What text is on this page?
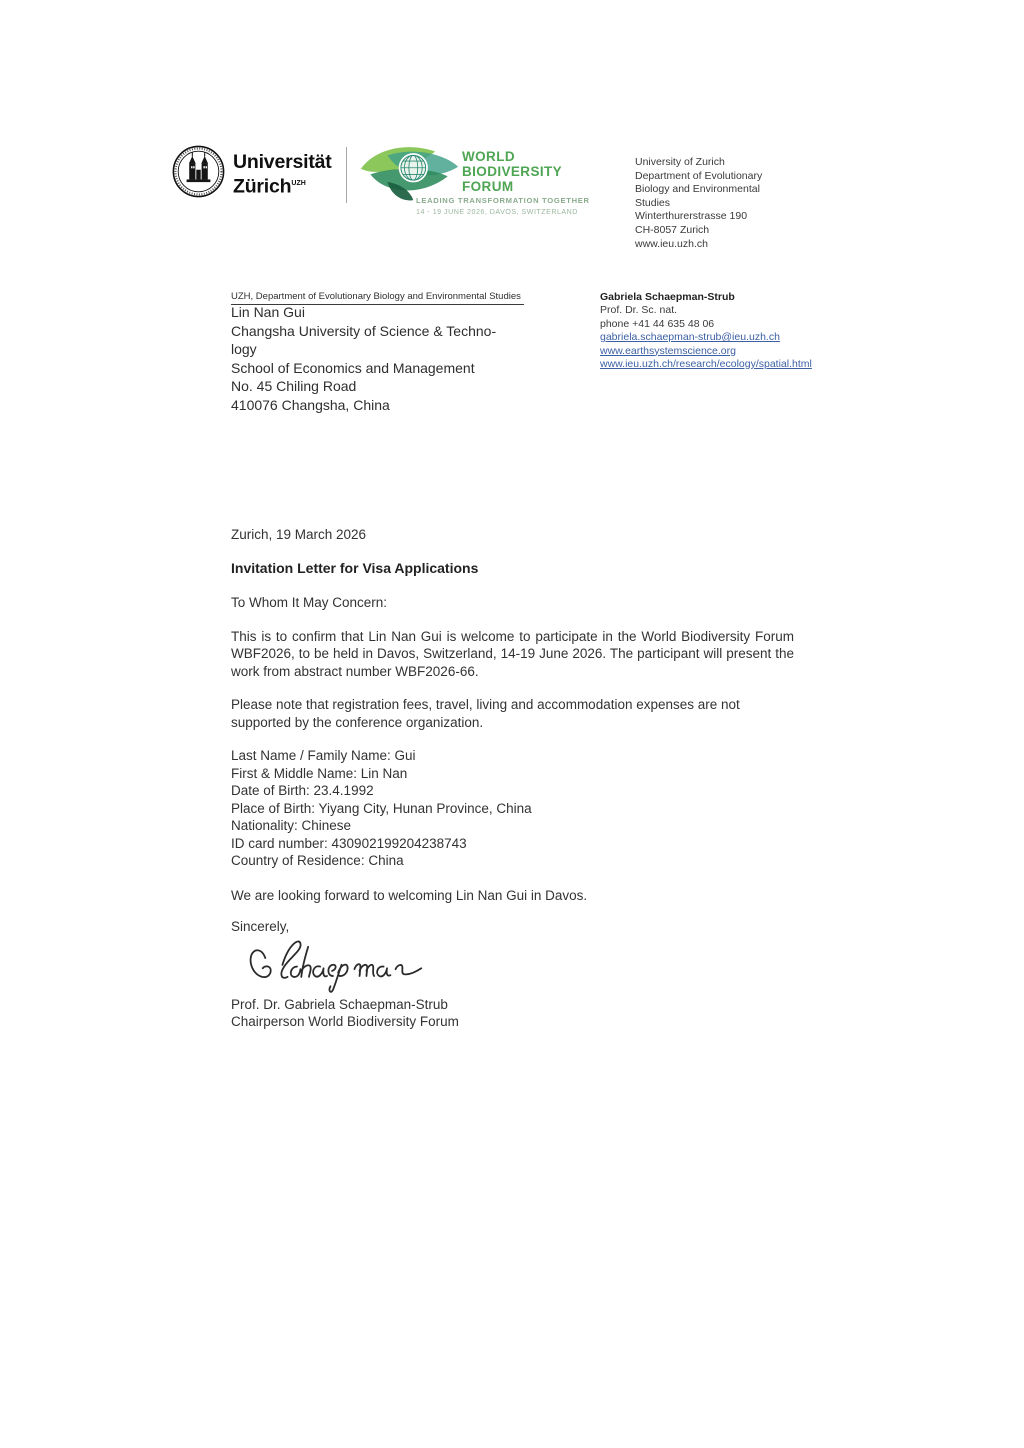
Universität
Zürich$^{UZH}$
WORLD
BIODIVERSITY
FORUM
LEADING TRANSFORMATION TOGETHER
14 - 19 JUNE 2026, DAVOS, SWITZERLAND
University of Zurich
Department of Evolutionary
Biology and Environmental
Studies
Winterthurerstrasse 190
CH-8057 Zurich
www.ieu.uzh.ch
UZH, Department of Evolutionary Biology and Environmental Studies
Lin Nan Gui
Changsha University of Science & Techno-
logy
School of Economics and Management
No. 45 Chiling Road
410076 Changsha, China
Gabriela Schaepman-Strub
Prof. Dr. Sc. nat.
phone +41 44 635 48 06
gabriela.schaepman-strub@ieu.uzh.ch
www.earthsystemscience.org
www.ieu.uzh.ch/research/ecology/spatial.html
Zurich, 19 March 2026
Invitation Letter for Visa Applications
To Whom It May Concern:

This is to confirm that Lin Nan Gui is welcome to participate in the World Biodiversity Forum WBF2026, to be held in Davos, Switzerland, 14-19 June 2026. The participant will present the work from abstract number WBF2026-66.

Please note that registration fees, travel, living and accommodation expenses are not supported by the conference organization.

Last Name / Family Name: Gui
First & Middle Name: Lin Nan
Date of Birth: 23.4.1992
Place of Birth: Yiyang City, Hunan Province, China
Nationality: Chinese
ID card number: 430902199204238743
Country of Residence: China
We are looking forward to welcoming Lin Nan Gui in Davos.
Sincerely,
Prof. Dr. Gabriela Schaepman-Strub
Chairperson World Biodiversity Forum
